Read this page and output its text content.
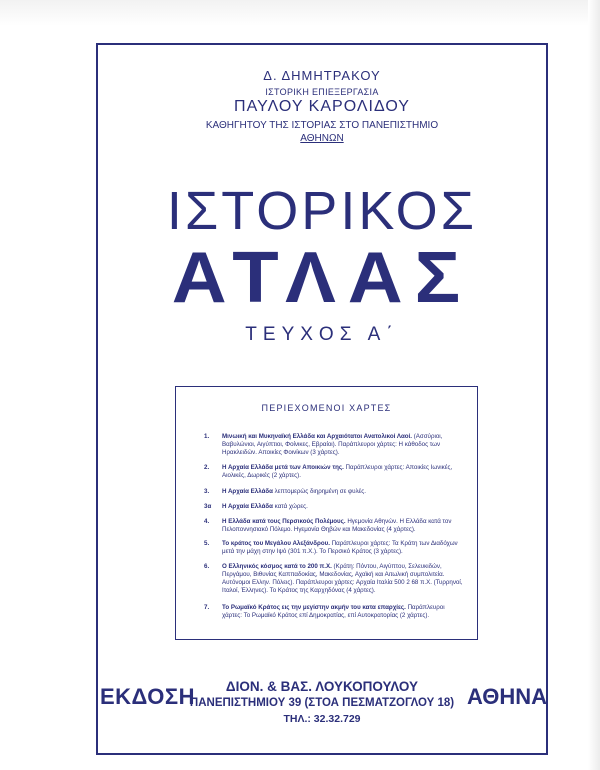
Δ. ΔΗΜΗΤΡΑΚΟΥ
ΙΣΤΟΡΙΚΗ ΕΠΙΕΞΕΡΓΑΣΙΑ
ΠΑΥΛΟΥ ΚΑΡΟΛΙΔΟΥ
ΚΑΘΗΓΗΤΟΥ ΤΗΣ ΙΣΤΟΡΙΑΣ ΣΤΟ ΠΑΝΕΠΙΣΤΗΜΙΟ
ΑΘΗΝΩΝ
ΙΣΤΟΡΙΚΟΣ
ΑΤΛΑΣ
ΤΕΥΧΟΣ Α΄
ΠΕΡΙΕΧΟΜΕΝΟΙ ΧΑΡΤΕΣ
1. Μινωική και Μυκηναϊκή Ελλάδα και Αρχαιότατοι Ανατολικοί Λαοί. (Ασσύριοι, Βαβυλώνιοι, Αιγύπτιοι, Φοίνικες, Εβραίοι). Παράπλευροι χάρτες: Η κάθοδος των Ηρακλειδών. Αποικίες Φοινίκων (3 χάρτες).
2. Η Αρχαία Ελλάδα μετά των Αποικιών της. Παράπλευροι χάρτες: Αποικίες Ιωνικές, Αιολικές, Δωρικές (2 χάρτες).
3. Η Αρχαία Ελλάδα λεπτομερώς διηρημένη σε φυλές.
3α Η Αρχαία Ελλάδα κατά χώρες.
4. Η Ελλάδα κατά τους Περσικούς Πολέμους. Ηγεμονία Αθηνών. Η Ελλάδα κατά τον Πελοποννησιακό Πόλεμο. Ηγεμονία Θηβών και Μακεδονίας (4 χάρτες).
5. Το κράτος του Μεγάλου Αλεξάνδρου. Παράπλευροι χάρτες: Τα Κράτη των Διαδόχων μετά την μάχη στην Ιψό (301 π.Χ.). Το Περσικό Κράτος (3 χάρτες).
6. Ο Ελληνικός κόσμος κατά το 200 π.Χ. (Κράτη: Πόντου, Αιγύπτου, Σελευκιδών, Περγάμου, Βιθυνίας Καππαδοκίας, Μακεδονίας, Αχαϊκή και Αιτωλική συμπολιτεία. Αυτόνομοι Ελλην. Πόλεις). Παράπλευροι χάρτες: Αρχαία Ιταλία 500 2 68 π.Χ. (Τυρρηνοί, Ιταλοί, Έλληνες). Το Κράτος της Καρχηδόνας (4 χάρτες).
7. Το Ρωμαϊκό Κράτος εις την μεγίστην ακμήν του κατα επαρχίες. Παράπλευροι χάρτες: Το Ρωμαϊκό Κράτος επί Δημοκρατίας, επί Αυτοκρατορίας (2 χάρτες).
ΕΚΔΟΣΗ	ΔΙΟΝ. & ΒΑΣ. ΛΟΥΚΟΠΟΥΛΟΥ
ΠΑΝΕΠΙΣΤΗΜΙΟΥ 39 (ΣΤΟΑ ΠΕΣΜΑΤΖΟΓΛΟΥ 18)
ΤΗΛ.: 32.32.729
ΑΘΗΝΑ
